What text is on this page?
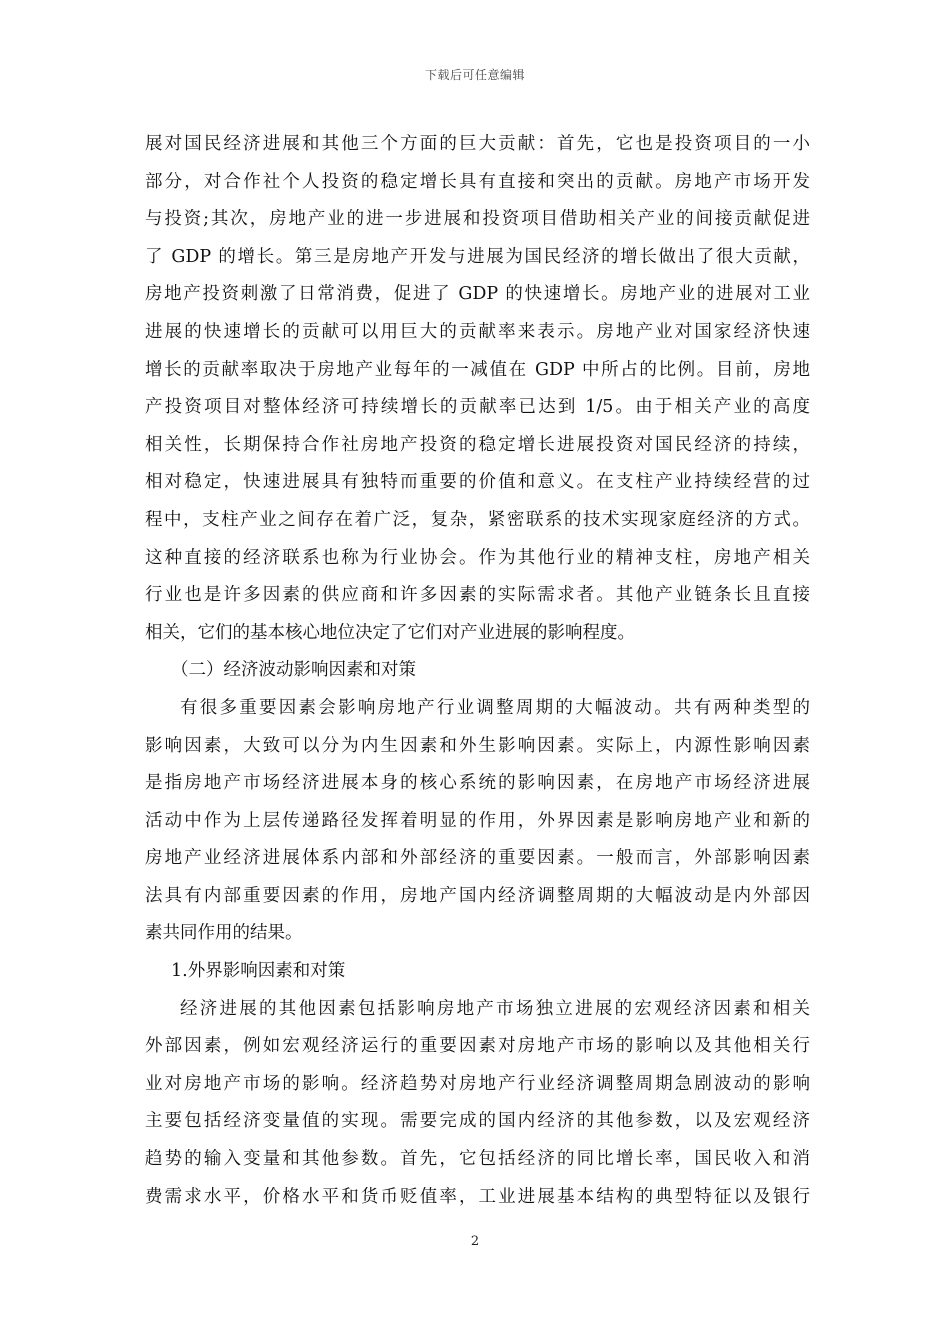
下载后可任意编辑
展对国民经济进展和其他三个方面的巨大贡献：首先，它也是投资项目的一小
部分，对合作社个人投资的稳定增长具有直接和突出的贡献。房地产市场开发
与投资;其次，房地产业的进一步进展和投资项目借助相关产业的间接贡献促进
了 GDP 的增长。第三是房地产开发与进展为国民经济的增长做出了很大贡献，
房地产投资刺激了日常消费，促进了 GDP 的快速增长。房地产业的进展对工业
进展的快速增长的贡献可以用巨大的贡献率来表示。房地产业对国家经济快速
增长的贡献率取决于房地产业每年的一减值在 GDP 中所占的比例。目前，房地
产投资项目对整体经济可持续增长的贡献率已达到 1/5。由于相关产业的高度
相关性，长期保持合作社房地产投资的稳定增长进展投资对国民经济的持续，
相对稳定，快速进展具有独特而重要的价值和意义。在支柱产业持续经营的过
程中，支柱产业之间存在着广泛，复杂，紧密联系的技术实现家庭经济的方式。
这种直接的经济联系也称为行业协会。作为其他行业的精神支柱，房地产相关
行业也是许多因素的供应商和许多因素的实际需求者。其他产业链条长且直接
相关，它们的基本核心地位决定了它们对产业进展的影响程度。
（二）经济波动影响因素和对策
有很多重要因素会影响房地产行业调整周期的大幅波动。共有两种类型的
影响因素，大致可以分为内生因素和外生影响因素。实际上，内源性影响因素
是指房地产市场经济进展本身的核心系统的影响因素，在房地产市场经济进展
活动中作为上层传递路径发挥着明显的作用，外界因素是影响房地产业和新的
房地产业经济进展体系内部和外部经济的重要因素。一般而言，外部影响因素
法具有内部重要因素的作用，房地产国内经济调整周期的大幅波动是内外部因
素共同作用的结果。
1.外界影响因素和对策
经济进展的其他因素包括影响房地产市场独立进展的宏观经济因素和相关
外部因素，例如宏观经济运行的重要因素对房地产市场的影响以及其他相关行
业对房地产市场的影响。经济趋势对房地产行业经济调整周期急剧波动的影响
主要包括经济变量值的实现。需要完成的国内经济的其他参数，以及宏观经济
趋势的输入变量和其他参数。首先，它包括经济的同比增长率，国民收入和消
费需求水平，价格水平和货币贬值率，工业进展基本结构的典型特征以及银行
2
